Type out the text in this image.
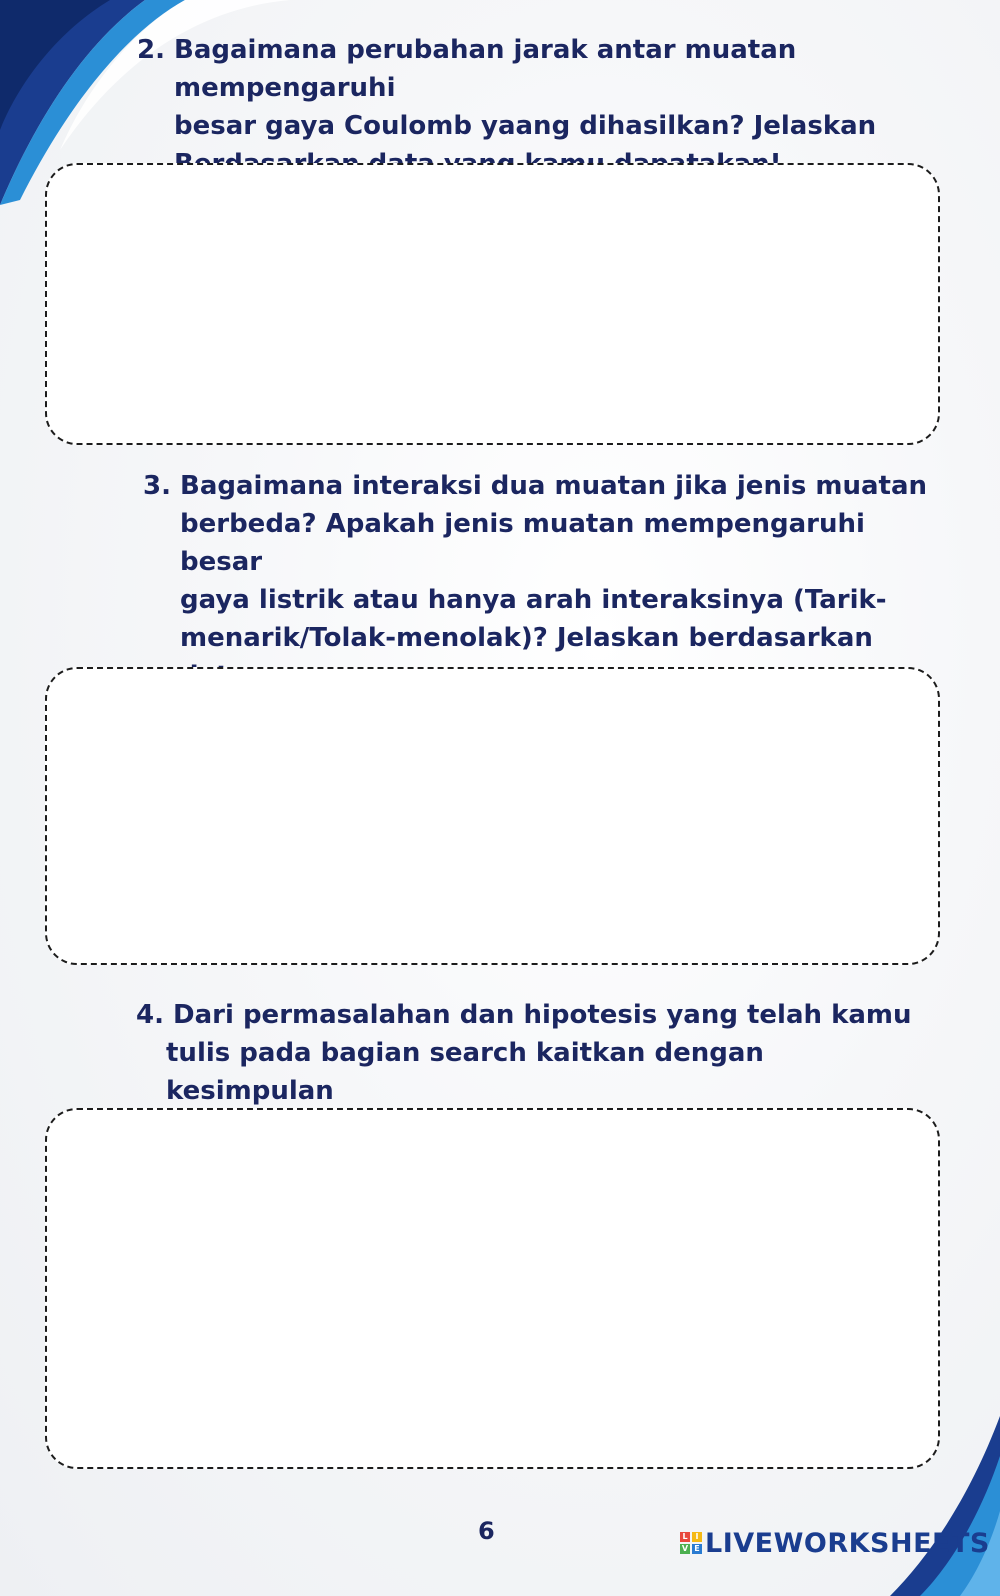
2. Bagaimana perubahan jarak antar muatan mempengaruhi
besar gaya Coulomb yaang dihasilkan? Jelaskan

3. Bagaimana interaksi dua muatan jika jenis muatan
berbeda? Apakah jenis muatan mempengaruhi besar
gaya listrik atau hanya arah interaksinya (Tarik-
menarik/Tolak-menolak)? Jelaskan berdasarkan

4. Dari permasalahan dan hipotesis yang telah kamu
tulis pada bagian search kaitkan dengan kesimpulan

6	L I
V E LIVEWORKSHEETS
